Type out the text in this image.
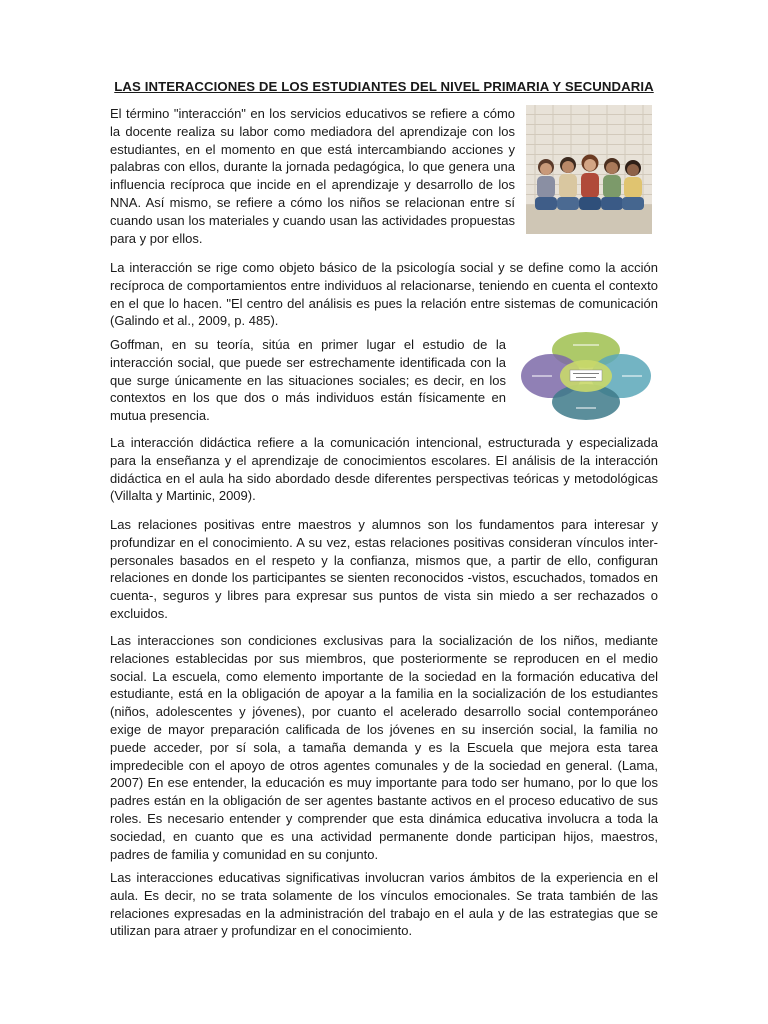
LAS INTERACCIONES DE LOS ESTUDIANTES DEL NIVEL PRIMARIA Y SECUNDARIA

El término "interacción" en los servicios educativos se refiere a cómo la docente realiza su labor como mediadora del aprendizaje con los estudiantes, en el momento en que está intercambiando acciones y palabras con ellos, durante la jornada pedagógica, lo que genera una influencia recíproca que incide en el aprendizaje y desarrollo de los NNA. Así mismo, se refiere a cómo los niños se relacionan entre sí cuando usan los materiales y cuando usan las actividades propuestas para y por ellos.

La interacción se rige como objeto básico de la psicología social y se define como la acción recíproca de comportamientos entre individuos al relacionarse, teniendo en cuenta el contexto en el que lo hacen. "El centro del análisis es pues la relación entre sistemas de comunicación (Galindo et al., 2009, p. 485).

Goffman, en su teoría, sitúa en primer lugar el estudio de la interacción social, que puede ser estrechamente identificada con la que surge únicamente en las situaciones sociales; es decir, en los contextos en los que dos o más individuos están físicamente en mutua presencia.

La interacción didáctica refiere a la comunicación intencional, estructurada y especializada para la enseñanza y el aprendizaje de conocimientos escolares. El análisis de la interacción didáctica en el aula ha sido abordado desde diferentes perspectivas teóricas y metodológicas (Villalta y Martinic, 2009).

Las relaciones positivas entre maestros y alumnos son los fundamentos para interesar y profundizar en el conocimiento. A su vez, estas relaciones positivas consideran vínculos inter-personales basados en el respeto y la confianza, mismos que, a partir de ello, configuran relaciones en donde los participantes se sienten reconocidos -vistos, escuchados, tomados en cuenta-, seguros y libres para expresar sus puntos de vista sin miedo a ser rechazados o excluidos.

Las interacciones son condiciones exclusivas para la socialización de los niños, mediante relaciones establecidas por sus miembros, que posteriormente se reproducen en el medio social. La escuela, como elemento importante de la sociedad en la formación educativa del estudiante, está en la obligación de apoyar a la familia en la socialización de los estudiantes (niños, adolescentes y jóvenes), por cuanto el acelerado desarrollo social contemporáneo exige de mayor preparación calificada de los jóvenes en su inserción social, la familia no puede acceder, por sí sola, a tamaña demanda y es la Escuela que mejora esta tarea impredecible con el apoyo de otros agentes comunales y de la sociedad en general. (Lama, 2007) En ese entender, la educación es muy importante para todo ser humano, por lo que los padres están en la obligación de ser agentes bastante activos en el proceso educativo de sus roles. Es necesario entender y comprender que esta dinámica educativa involucra a toda la sociedad, en cuanto que es una actividad permanente donde participan hijos, maestros, padres de familia y comunidad en su conjunto.

Las interacciones educativas significativas involucran varios ámbitos de la experiencia en el aula. Es decir, no se trata solamente de los vínculos emocionales. Se trata también de las relaciones expresadas en la administración del trabajo en el aula y de las estrategias que se utilizan para atraer y profundizar en el conocimiento.
